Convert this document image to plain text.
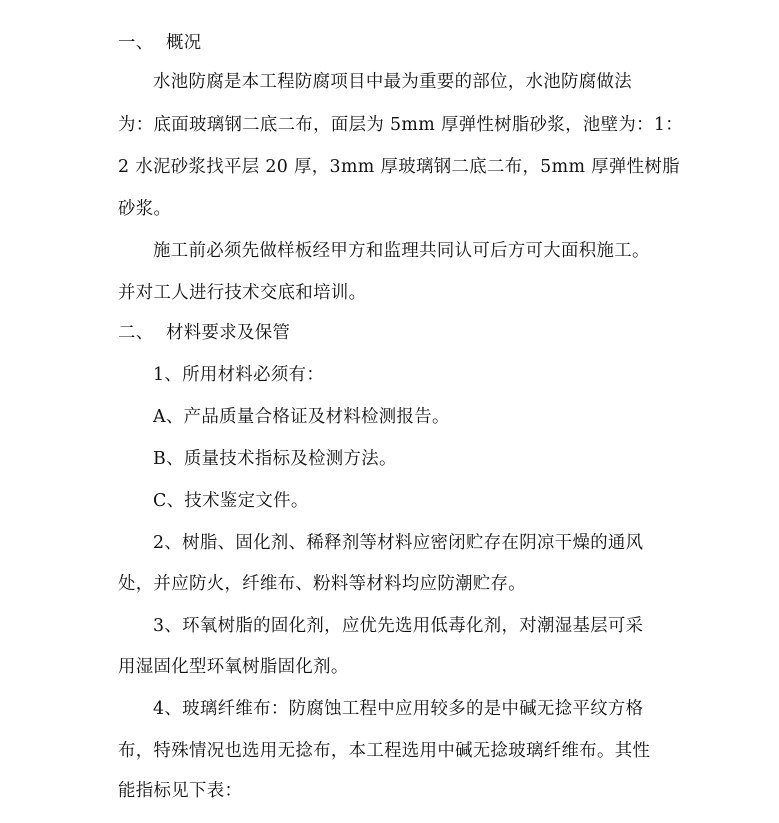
一、 概况
水池防腐是本工程防腐项目中最为重要的部位，水池防腐做法
为：底面玻璃钢二底二布，面层为 5mm 厚弹性树脂砂浆，池壁为：1：
2 水泥砂浆找平层 20 厚，3mm 厚玻璃钢二底二布，5mm 厚弹性树脂
砂浆。
施工前必须先做样板经甲方和监理共同认可后方可大面积施工。
并对工人进行技术交底和培训。
二、 材料要求及保管
1、所用材料必须有：
A、产品质量合格证及材料检测报告。
B、质量技术指标及检测方法。
C、技术鉴定文件。
2、树脂、固化剂、稀释剂等材料应密闭贮存在阴凉干燥的通风
处，并应防火，纤维布、粉料等材料均应防潮贮存。
3、环氧树脂的固化剂，应优先选用低毒化剂，对潮湿基层可采
用湿固化型环氧树脂固化剂。
4、玻璃纤维布：防腐蚀工程中应用较多的是中碱无捻平纹方格
布，特殊情况也选用无捻布，本工程选用中碱无捻玻璃纤维布。其性
能指标见下表：
